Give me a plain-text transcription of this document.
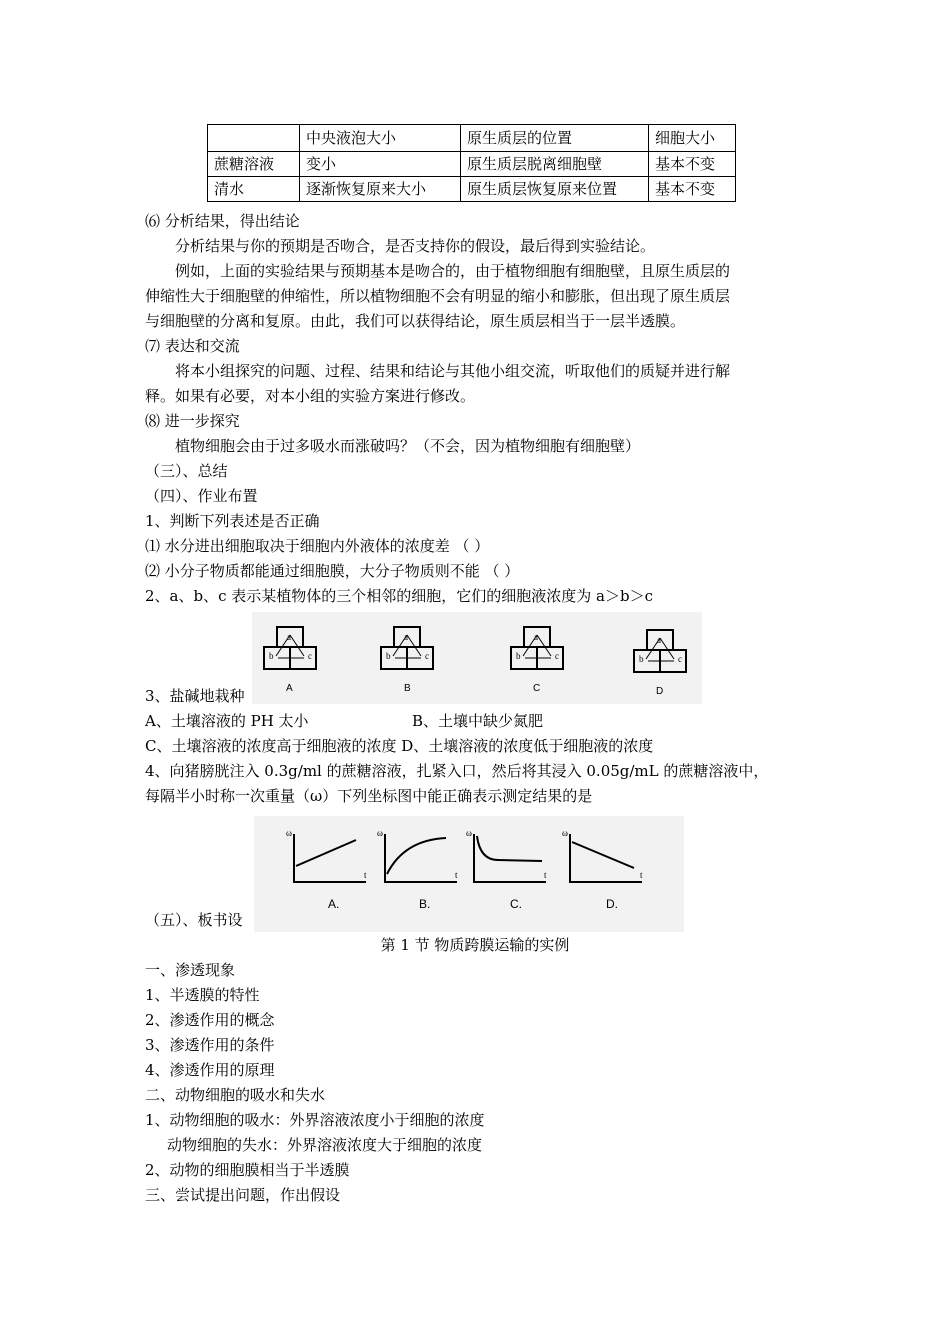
	中央液泡大小	原生质层的位置	细胞大小
蔗糖溶液	变小	原生质层脱离细胞壁	基本不变
清水	逐渐恢复原来大小	原生质层恢复原来位置	基本不变
⑹ 分析结果，得出结论
分析结果与你的预期是否吻合，是否支持你的假设，最后得到实验结论。
例如，上面的实验结果与预期基本是吻合的，由于植物细胞有细胞壁，且原生质层的
伸缩性大于细胞壁的伸缩性，所以植物细胞不会有明显的缩小和膨胀，但出现了原生质层
与细胞壁的分离和复原。由此，我们可以获得结论，原生质层相当于一层半透膜。
⑺ 表达和交流
将本小组探究的问题、过程、结果和结论与其他小组交流，听取他们的质疑并进行解
释。如果有必要，对本小组的实验方案进行修改。
⑻ 进一步探究
植物细胞会由于过多吸水而涨破吗？（不会，因为植物细胞有细胞壁）
（三）、总结
（四）、作业布置
1、判断下列表述是否正确
⑴ 水分进出细胞取决于细胞内外液体的浓度差 （ ）
⑵ 小分子物质都能通过细胞膜，大分子物质则不能 （ ）
2、a、b、c 表示某植物体的三个相邻的细胞，它们的细胞液浓度为 a＞b＞c
a
b	c
a
b	c
a
b	c
a
b	c
A	B	C	D
3、盐碱地栽种
A、土壤溶液的 PH 太小	B、土壤中缺少氮肥
C、土壤溶液的浓度高于细胞液的浓度 D、土壤溶液的浓度低于细胞液的浓度
4、向猪膀胱注入 0.3g/ml 的蔗糖溶液，扎紧入口，然后将其浸入 0.05g/mL 的蔗糖溶液中，
每隔半小时称一次重量（ω）下列坐标图中能正确表示测定结果的是
ω
t
ω
t
ω
t
ω
t
A.	B.	C.	D.
（五）、板书设
第 1 节 物质跨膜运输的实例
一、渗透现象
1、半透膜的特性
2、渗透作用的概念
3、渗透作用的条件
4、渗透作用的原理
二、动物细胞的吸水和失水
1、动物细胞的吸水：外界溶液浓度小于细胞的浓度
动物细胞的失水：外界溶液浓度大于细胞的浓度
2、动物的细胞膜相当于半透膜
三、尝试提出问题，作出假设
